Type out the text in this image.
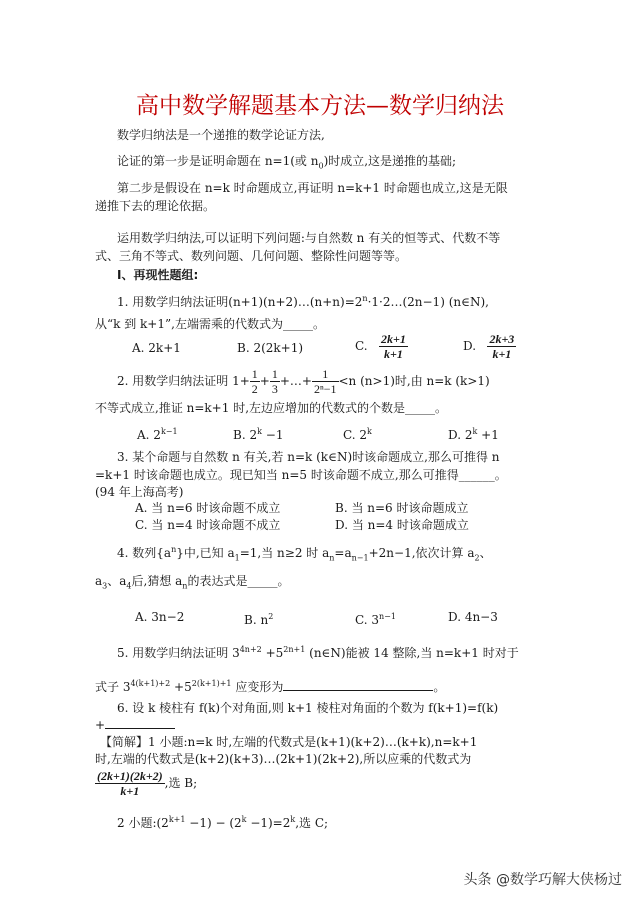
高中数学解题基本方法—数学归纳法
数学归纳法是一个递推的数学论证方法,
论证的第一步是证明命题在 n=1(或 $n_0$)时成立,这是递推的基础;
第二步是假设在 n=k 时命题成立,再证明 n=k+1 时命题也成立,这是无限
递推下去的理论依据。
运用数学归纳法,可以证明下列问题:与自然数 n 有关的恒等式、代数不等
式、三角不等式、数列问题、几何问题、整除性问题等等。
Ⅰ、再现性题组:
1. 用数学归纳法证明$(n+1)(n+2)\dots(n+n)=2^n\cdot 1\cdot 2\dots(2n-1)$ (n∈N),
从“k 到 k+1”,左端需乘的代数式为_____。
A. 2k+1	B. 2(2k+1)	C. $\frac{2k+1}{k+1}$	D. $\frac{2k+3}{k+1}$
2. 用数学归纳法证明 $1+ \frac{1}{2} + \frac{1}{3}$ +…+ $\frac{1}{\text{2ⁿ−1}} <n$ (n>1)时,由 n=k (k>1)
不等式成立,推证 n=k+1 时,左边应增加的代数式的个数是_____。
A. $2^{k-1}$	B. $2^k -1$	C. 2$^k$	D. $2^k +1$
3. 某个命题与自然数 n 有关,若 n=k (k∈N)时该命题成立,那么可推得 n
=k+1 时该命题也成立。现已知当 n=5 时该命题不成立,那么可推得______。
(94 年上海高考)
A. 当 n=6 时该命题不成立	B. 当 n=6 时该命题成立
C. 当 n=4 时该命题不成立	D. 当 n=4 时该命题成立
4. 数列$\{a^n\}$中,已知 $a_1=1$,当 n≥2 时 $a_n=a_{n-1}+2n-1$,依次计算 $a_2$、
$a_3$、$a_4$后,猜想 $a_n$的表达式是_____。
A. 3n−2	B. $n^2$	C. $3^{n-1}$	D. 4n−3
5. 用数学归纳法证明 $3^{4n+2} +5^{2n+1}$ (n∈N)能被 14 整除,当 n=k+1 时对于
式子 $3^{4(k+1)+2} +5^{2(k+1)+1}$ 应变形为	。
6. 设 k 棱柱有 f(k)个对角面,则 k+1 棱柱对角面的个数为 f(k+1)=f(k)
+
【简解】1 小题:n=k 时,左端的代数式是(k+1)(k+2)…(k+k),n=k+1
时,左端的代数式是(k+2)(k+3)…(2k+1)(2k+2),所以应乘的代数式为
$\frac{(2k+1)(2k+2)}{k+1}$ ,选 B;
2 小题$:(2^{k+1} -1) - (2^k -1)=2^k$,选 C;
头条 @数学巧解大侠杨过
